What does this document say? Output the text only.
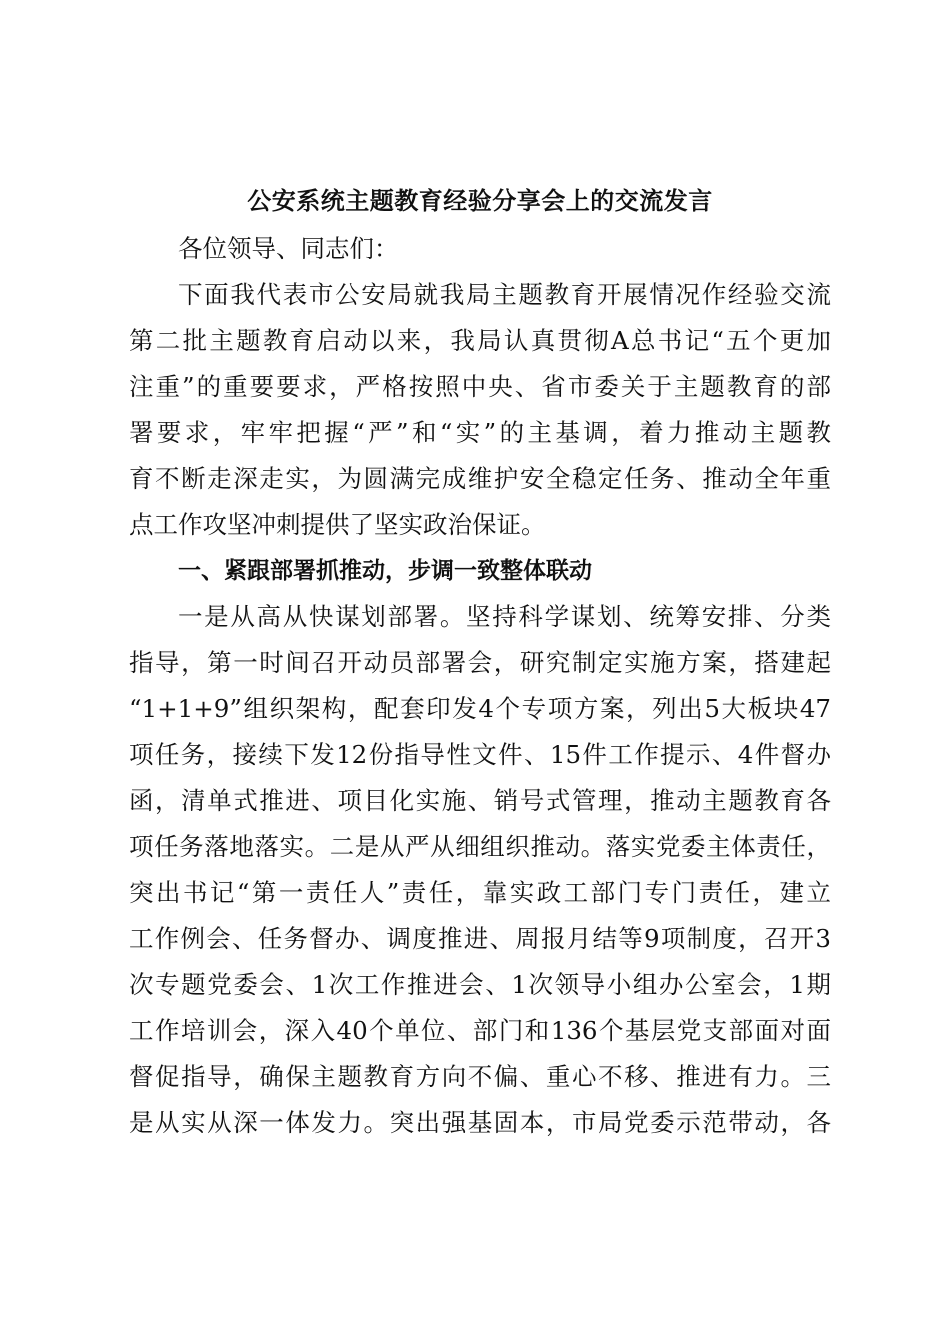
公安系统主题教育经验分享会上的交流发言
各位领导、同志们：
下面我代表市公安局就我局主题教育开展情况作经验交流
第二批主题教育启动以来，我局认真贯彻A总书记“五个更加
注重”的重要要求，严格按照中央、省市委关于主题教育的部
署要求，牢牢把握“严”和“实”的主基调，着力推动主题教
育不断走深走实，为圆满完成维护安全稳定任务、推动全年重
点工作攻坚冲刺提供了坚实政治保证。
一、紧跟部署抓推动，步调一致整体联动
一是从高从快谋划部署。坚持科学谋划、统筹安排、分类
指导，第一时间召开动员部署会，研究制定实施方案，搭建起
“1+1+9”组织架构，配套印发4个专项方案，列出5大板块47
项任务，接续下发12份指导性文件、15件工作提示、4件督办
函，清单式推进、项目化实施、销号式管理，推动主题教育各
项任务落地落实。二是从严从细组织推动。落实党委主体责任，
突出书记“第一责任人”责任，靠实政工部门专门责任，建立
工作例会、任务督办、调度推进、周报月结等9项制度，召开3
次专题党委会、1次工作推进会、1次领导小组办公室会，1期
工作培训会，深入40个单位、部门和136个基层党支部面对面
督促指导，确保主题教育方向不偏、重心不移、推进有力。三
是从实从深一体发力。突出强基固本，市局党委示范带动，各
